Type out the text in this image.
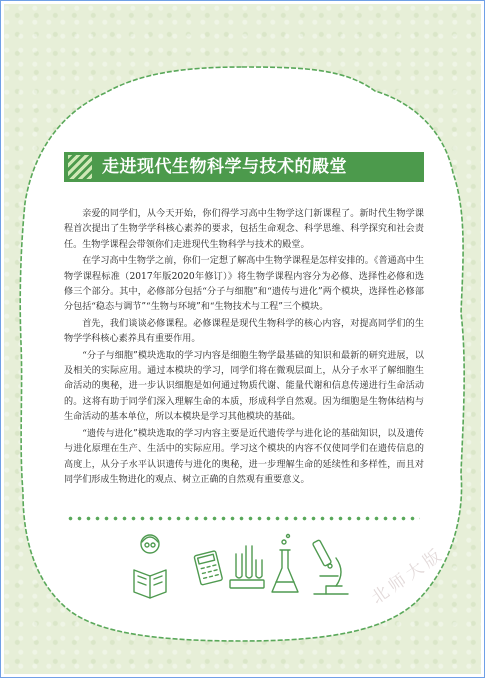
走进现代生物科学与技术的殿堂

亲爱的同学们，从今天开始，你们得学习高中生物学这门新课程了。新时代生物学课程首次提出了生物学学科核心素养的要求，包括生命观念、科学思维、科学探究和社会责任。生物学课程会带领你们走进现代生物科学与技术的殿堂。

在学习高中生物学之前，你们一定想了解高中生物学课程是怎样安排的。《普通高中生物学课程标准（2017年版2020年修订）》将生物学课程内容分为必修、选择性必修和选修三个部分。其中，必修部分包括“分子与细胞”和“遗传与进化”两个模块，选择性必修部分包括“稳态与调节”“生物与环境”和“生物技术与工程”三个模块。

首先，我们谈谈必修课程。必修课程是现代生物科学的核心内容，对提高同学们的生物学学科核心素养具有重要作用。

“分子与细胞”模块选取的学习内容是细胞生物学最基础的知识和最新的研究进展，以及相关的实际应用。通过本模块的学习，同学们将在微观层面上，从分子水平了解细胞生命活动的奥秘，进一步认识细胞是如何通过物质代谢、能量代谢和信息传递进行生命活动的。这将有助于同学们深入理解生命的本质，形成科学自然观。因为细胞是生物体结构与生命活动的基本单位，所以本模块是学习其他模块的基础。

“遗传与进化”模块选取的学习内容主要是近代遗传学与进化论的基础知识，以及遗传与进化原理在生产、生活中的实际应用。学习这个模块的内容不仅使同学们在遗传信息的高度上，从分子水平认识遗传与进化的奥秘，进一步理解生命的延续性和多样性，而且对同学们形成生物进化的观点、树立正确的自然观有重要意义。

北师大版
